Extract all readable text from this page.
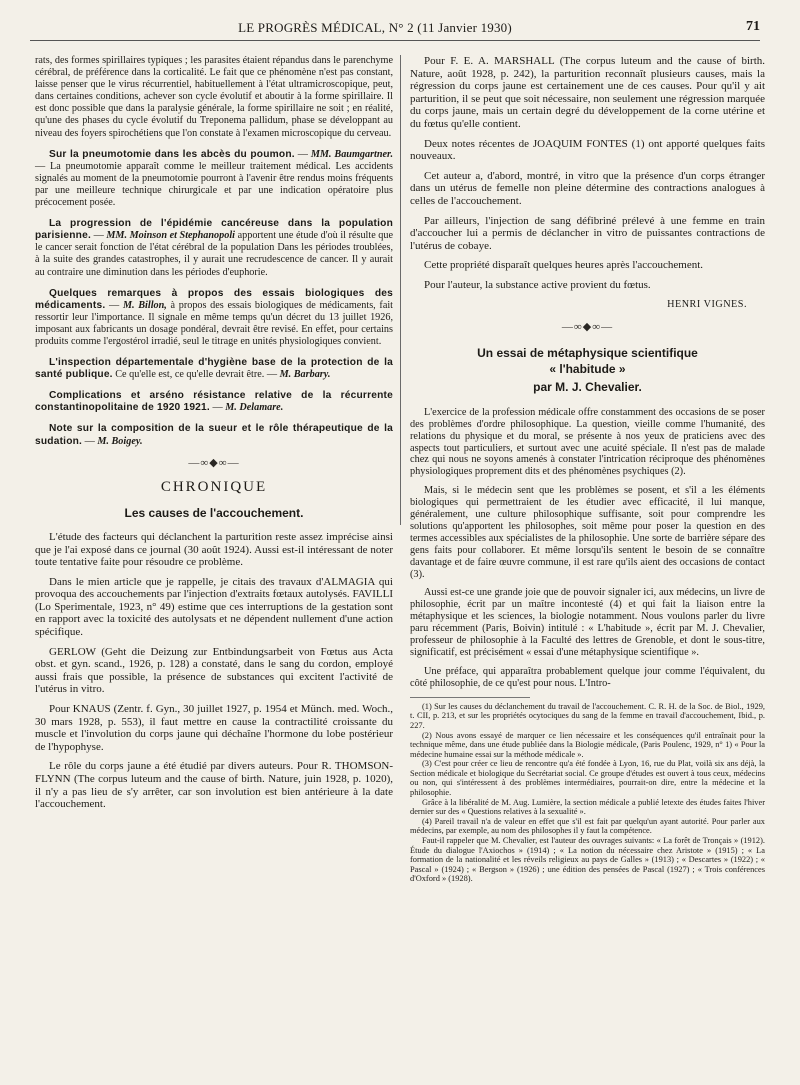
LE PROGRÈS MÉDICAL, N° 2 (11 Janvier 1930)	71

rats, des formes spirillaires typiques ; les parasites étaient répandus dans le parenchyme cérébral, de préférence dans la corticalité. Le fait que ce phénomène n'est pas constant, laisse penser que le virus récurrentiel, habituellement à l'état ultramicroscopique, peut, dans certaines conditions, achever son cycle évolutif et aboutir à la forme spirillaire. Il est donc possible que dans la paralysie générale, la forme spirillaire ne soit ; en réalité, qu'une des phases du cycle évolutif du Treponema pallidum, phase se développant au niveau des foyers spirochétiens que l'on constate à l'examen microscopique du cerveau.

Sur la pneumotomie dans les abcès du poumon. — MM. Baumgartner. — La pneumotomie apparaît comme le meilleur traitement médical. Les accidents signalés au moment de la pneumotomie pourront à l'avenir être rendus moins fréquents par une meilleure technique chirurgicale et par une indication opératoire plus précocement posée.

La progression de l'épidémie cancéreuse dans la population parisienne. — MM. Moinson et Stephanopoli apportent une étude d'où il résulte que le cancer serait fonction de l'état cérébral de la population Dans les périodes troublées, à la suite des grandes catastrophes, il y aurait une recrudescence de cancer. Il y aurait au contraire une diminution dans les périodes d'euphorie.

Quelques remarques à propos des essais biologiques des médicaments. — M. Billon, à propos des essais biologiques de médicaments, fait ressortir leur l'importance. Il signale en même temps qu'un décret du 13 juillet 1926, imposant aux fabricants un dosage pondéral, devrait être revisé. En effet, pour certains produits comme l'ergostérol irradié, seul le titrage en unités physiologiques convient.

L'inspection départementale d'hygiène base de la protection de la santé publique. Ce qu'elle est, ce qu'elle devrait être. — M. Barbary.

Complications et arséno résistance relative de la récurrente constantinopolitaine de 1920 1921. — M. Delamare.

Note sur la composition de la sueur et le rôle thérapeutique de la sudation. — M. Boigey.

—∞◆∞—
CHRONIQUE
Les causes de l'accouchement.

L'étude des facteurs qui déclanchent la parturition reste assez imprécise ainsi que je l'ai exposé dans ce journal (30 août 1924). Aussi est-il intéressant de noter toute tentative faite pour résoudre ce problème.

Dans le mien article que je rappelle, je citais des travaux d'ALMAGIA qui provoqua des accouchements par l'injection d'extraits fœtaux autolysés. FAVILLI (Lo Sperimentale, 1923, n° 49) estime que ces interruptions de la gestation sont en rapport avec la toxicité des autolysats et ne dépendent nullement d'une action spécifique.

GERLOW (Geht die Deizung zur Entbindungsarbeit von Fœtus aus Acta obst. et gyn. scand., 1926, p. 128) a constaté, dans le sang du cordon, employé aussi frais que possible, la présence de substances qui excitent l'activité de l'utérus in vitro.

Pour KNAUS (Zentr. f. Gyn., 30 juillet 1927, p. 1954 et Münch. med. Woch., 30 mars 1928, p. 553), il faut mettre en cause la contractilité croissante du muscle et l'involution du corps jaune qui déchaîne l'hormone du lobe postérieur de l'hypophyse.

Le rôle du corps jaune a été étudié par divers auteurs. Pour R. THOMSON-FLYNN (The corpus luteum and the cause of birth. Nature, juin 1928, p. 1020), il n'y a pas lieu de s'y arrêter, car son involution est bien antérieure à la date l'accouchement.

Pour F. E. A. MARSHALL (The corpus luteum and the cause of birth. Nature, août 1928, p. 242), la parturition reconnaît plusieurs causes, mais la régression du corps jaune est certainement une de ces causes. Pour qu'il y ait parturition, il se peut que soit nécessaire, non seulement une régression marquée du corps jaune, mais un certain degré du développement de la corne utérine et du fœtus qu'elle contient.

Deux notes récentes de JOAQUIM FONTES (1) ont apporté quelques faits nouveaux.

Cet auteur a, d'abord, montré, in vitro que la présence d'un corps étranger dans un utérus de femelle non pleine détermine des contractions analogues à celles de l'accouchement.

Par ailleurs, l'injection de sang défibriné prélevé à une femme en train d'accoucher lui a permis de déclancher in vitro de puissantes contractions de l'utérus de cobaye.

Cette propriété disparaît quelques heures après l'accouchement.

Pour l'auteur, la substance active provient du fœtus.

HENRI VIGNES.
—∞◆∞—
Un essai de métaphysique scientifique
« l'habitude »
par M. J. Chevalier.

L'exercice de la profession médicale offre constamment des occasions de se poser des problèmes d'ordre philosophique. La question, vieille comme l'humanité, des relations du physique et du moral, se présente à nos yeux de praticiens avec des aspects tout particuliers, et surtout avec une acuité spéciale. Il n'est pas de malade chez qui nous ne soyons amenés à constater l'intrication réciproque des phénomènes physiologiques proprement dits et des phénomènes psychiques (2).

Mais, si le médecin sent que les problèmes se posent, et s'il a les éléments biologiques qui permettraient de les étudier avec efficacité, il lui manque, généralement, une culture philosophique suffisante, soit pour comprendre les solutions qu'apportent les philosophes, soit même pour poser la question en des termes accessibles aux spécialistes de la philosophie. Une sorte de barrière sépare des gens faits pour collaborer. Et même lorsqu'ils sentent le besoin de se connaître davantage et de faire œuvre commune, il est rare qu'ils aient des occasions de contact (3).

Aussi est-ce une grande joie que de pouvoir signaler ici, aux médecins, un livre de philosophie, écrit par un maître incontesté (4) et qui fait la liaison entre la métaphysique et les sciences, la biologie notamment. Nous voulons parler du livre paru récemment (Paris, Boivin) intitulé : « L'habitude », écrit par M. J. Chevalier, professeur de philosophie à la Faculté des lettres de Grenoble, et dont le sous-titre, significatif, est précisément « essai d'une métaphysique scientifique ».

Une préface, qui apparaîtra probablement quelque jour comme l'équivalent, du côté philosophie, de ce qu'est pour nous. L'Intro-

(1) Sur les causes du déclanchement du travail de l'accouchement. C. R. H. de la Soc. de Biol., 1929, t. CII, p. 213, et sur les propriétés ocytociques du sang de la femme en travail d'accouchement, Ibid., p. 227.

(2) Nous avons essayé de marquer ce lien nécessaire et les conséquences qu'il entraînait pour la technique même, dans une étude publiée dans la Biologie médicale, (Paris Poulenc, 1929, n° 1) « Pour la médecine humaine essai sur la méthode médicale ».

(3) C'est pour créer ce lieu de rencontre qu'a été fondée à Lyon, 16, rue du Plat, voilà six ans déjà, la Section médicale et biologique du Secrétariat social. Ce groupe d'études est ouvert à tous ceux, médecins ou non, qui s'intéressent à des problèmes intermédiaires, pourrait-on dire, entre la médecine et la philosophie.

Grâce à la libéralité de M. Aug. Lumière, la section médicale a publié letexte des études faites l'hiver dernier sur des « Questions relatives à la sexualité ».

(4) Pareil travail n'a de valeur en effet que s'il est fait par quelqu'un ayant autorité. Pour parler aux médecins, par exemple, au nom des philosophes il y faut la compétence.

Faut-il rappeler que M. Chevalier, est l'auteur des ouvrages suivants: « La forêt de Tronçais » (1912). Étude du dialogue l'Axiochos » (1914) ; « La notion du nécessaire chez Aristote » (1915) ; « La formation de la nationalité et les réveils religieux au pays de Galles » (1913) ; « Descartes » (1922) ; « Pascal » (1924) ; « Bergson » (1926) ; une édition des pensées de Pascal (1927) ; « Trois conférences d'Oxford » (1928).
